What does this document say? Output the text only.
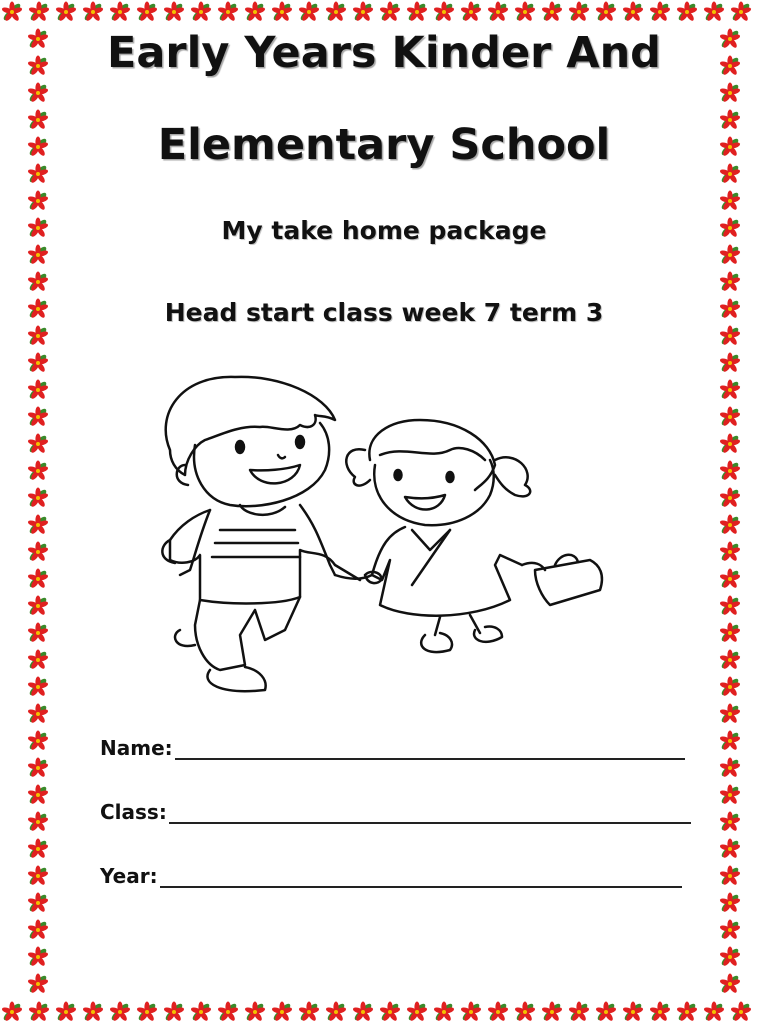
Early Years Kinder And
Elementary School
My take home package
Head start class week 7 term 3
Name:
Class:
Year:
